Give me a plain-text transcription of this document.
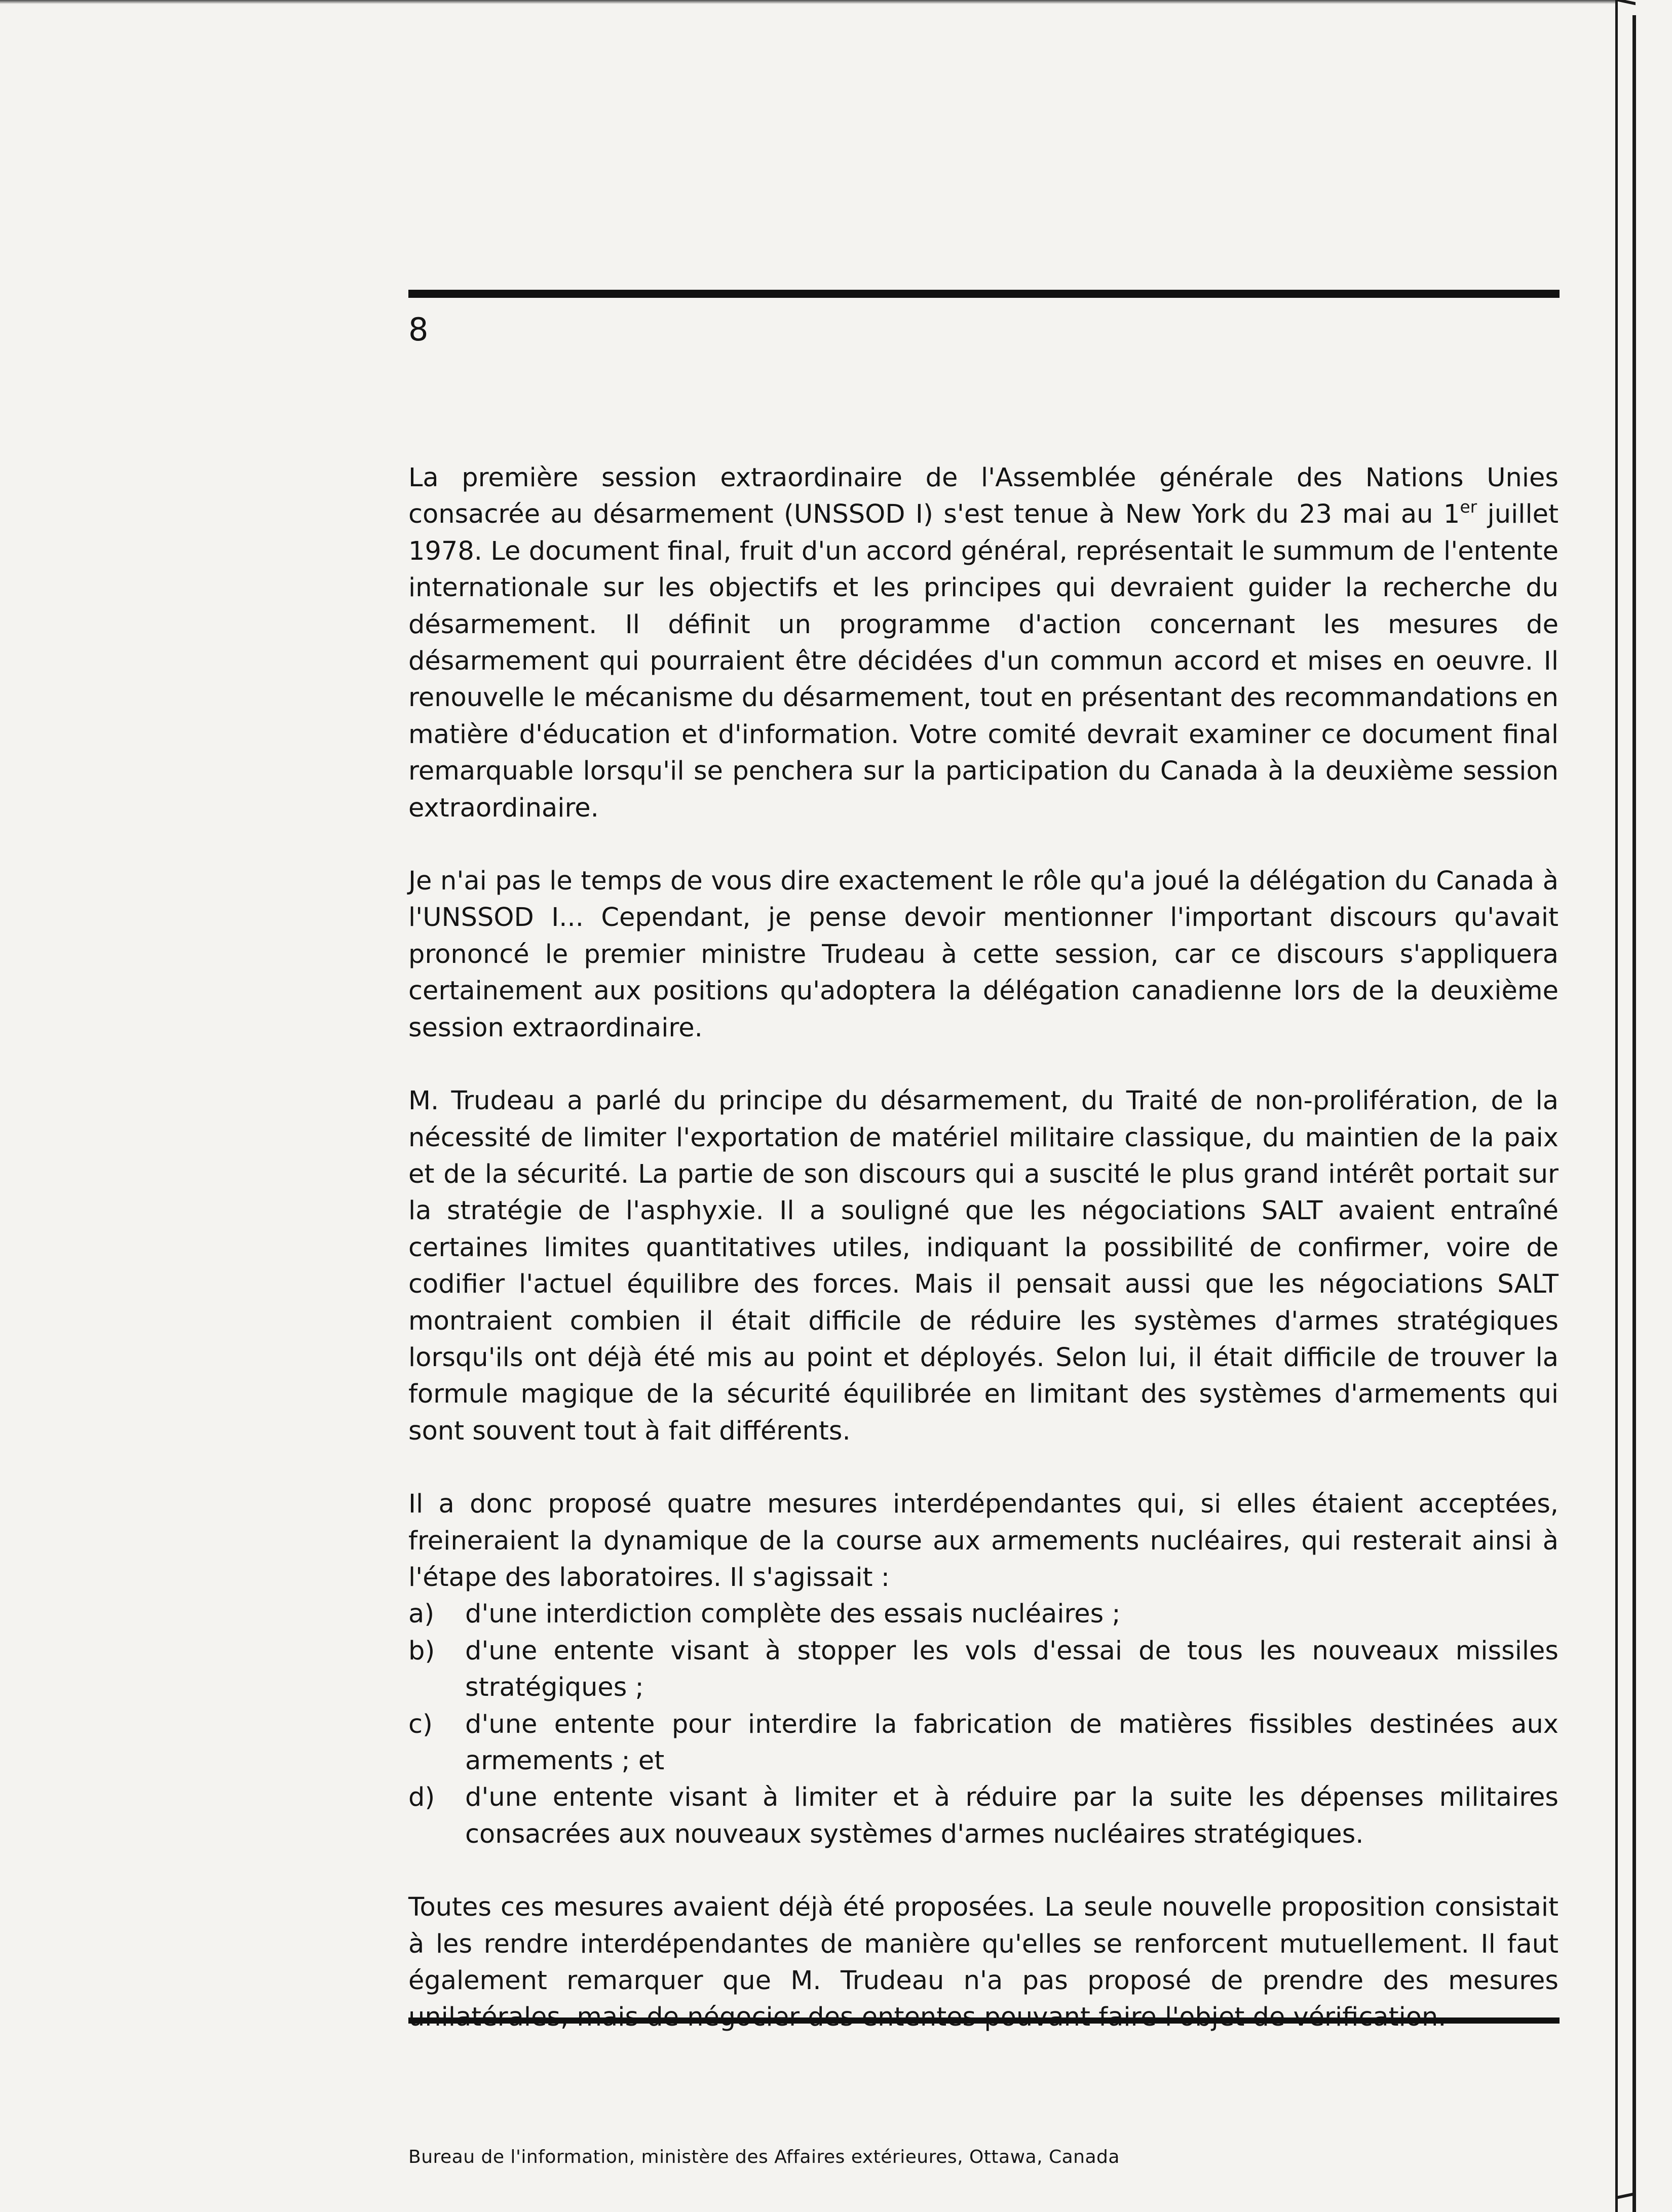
8

La première session extraordinaire de l'Assemblée générale des Nations Unies consacrée au désarmement (UNSSOD I) s'est tenue à New York du 23 mai au 1er juillet 1978. Le document final, fruit d'un accord général, représentait le summum de l'entente internationale sur les objectifs et les principes qui devraient guider la recherche du désarmement. Il définit un programme d'action concernant les mesures de désarmement qui pourraient être décidées d'un commun accord et mises en oeuvre. Il renouvelle le mécanisme du désarmement, tout en présentant des recommandations en matière d'éducation et d'information. Votre comité devrait examiner ce document final remarquable lorsqu'il se penchera sur la participation du Canada à la deuxième session extraordinaire.

Je n'ai pas le temps de vous dire exactement le rôle qu'a joué la délégation du Canada à l'UNSSOD I... Cependant, je pense devoir mentionner l'important discours qu'avait prononcé le premier ministre Trudeau à cette session, car ce discours s'appliquera certainement aux positions qu'adoptera la délégation canadienne lors de la deuxième session extraordinaire.

M. Trudeau a parlé du principe du désarmement, du Traité de non-prolifération, de la nécessité de limiter l'exportation de matériel militaire classique, du maintien de la paix et de la sécurité. La partie de son discours qui a suscité le plus grand intérêt portait sur la stratégie de l'asphyxie. Il a souligné que les négociations SALT avaient entraîné certaines limites quantitatives utiles, indiquant la possibilité de confirmer, voire de codifier l'actuel équilibre des forces. Mais il pensait aussi que les négociations SALT montraient combien il était difficile de réduire les systèmes d'armes stratégiques lorsqu'ils ont déjà été mis au point et déployés. Selon lui, il était difficile de trouver la formule magique de la sécurité équilibrée en limitant des systèmes d'armements qui sont souvent tout à fait différents.

Il a donc proposé quatre mesures interdépendantes qui, si elles étaient acceptées, freineraient la dynamique de la course aux armements nucléaires, qui resterait ainsi à l'étape des laboratoires. Il s'agissait :

a)	d'une interdiction complète des essais nucléaires ;
b)	d'une entente visant à stopper les vols d'essai de tous les nouveaux missiles stratégiques ;
c)	d'une entente pour interdire la fabrication de matières fissibles destinées aux armements ; et
d)	d'une entente visant à limiter et à réduire par la suite les dépenses militaires consacrées aux nouveaux systèmes d'armes nucléaires stratégiques.

Toutes ces mesures avaient déjà été proposées. La seule nouvelle proposition consistait à les rendre interdépendantes de manière qu'elles se renforcent mutuellement. Il faut également remarquer que M. Trudeau n'a pas proposé de prendre des mesures

Bureau de l'information, ministère des Affaires extérieures, Ottawa, Canada
